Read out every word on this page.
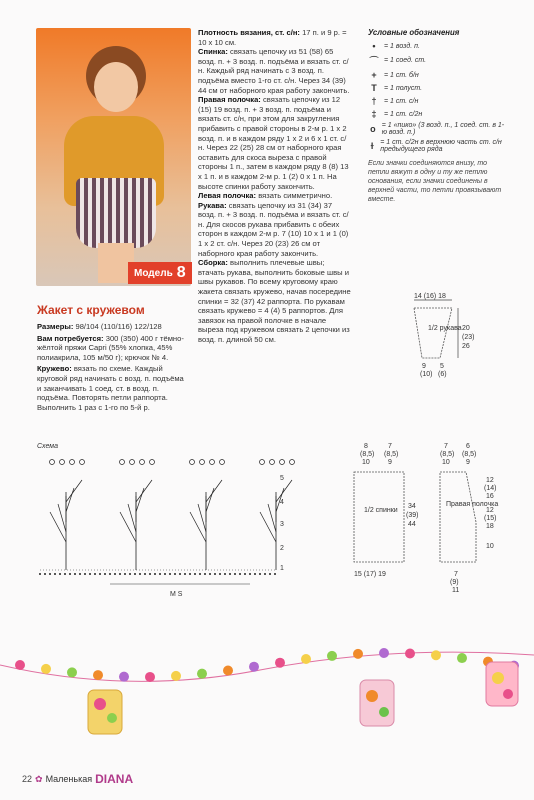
Модель 8
Жакет с кружевом

Размеры: 98/104 (110/116) 122/128

Вам потребуется: 300 (350) 400 г тёмно-жёлтой пряжи Capri (55% хлопка, 45% полиакрила, 105 м/50 г); крючок № 4.

Кружево: вязать по схеме. Каждый круговой ряд начинать с возд. п. подъёма и заканчивать 1 соед. ст. в возд. п. подъёма. Повторять петли раппорта. Выполнить 1 раз с 1-го по 5-й р.

Плотность вязания, ст. с/н: 17 п. и 9 р. = 10 х 10 см.

Спинка: связать цепочку из 51 (58) 65 возд. п. + 3 возд. п. подъёма и вязать ст. с/н. Каждый ряд начинать с 3 возд. п. подъёма вместо 1-го ст. с/н. Через 34 (39) 44 см от наборного края работу закончить.

Правая полочка: связать цепочку из 12 (15) 19 возд. п. + 3 возд. п. подъёма и вязать ст. с/н, при этом для закругления прибавить с правой стороны в 2-м р. 1 х 2 возд. п. и в каждом ряду 1 х 2 и 6 х 1 ст. с/н. Через 22 (25) 28 см от наборного края оставить для скоса выреза с правой стороны 1 п., затем в каждом ряду 8 (8) 13 х 1 п. и в каждом 2-м р. 1 (2) 0 х 1 п. На высоте спинки работу закончить.

Левая полочка: вязать симметрично.

Рукава: связать цепочку из 31 (34) 37 возд. п. + 3 возд. п. подъёма и вязать ст. с/н. Для скосов рукава прибавить с обеих сторон в каждом 2-м р. 7 (10) 10 х 1 и 1 (0) 1 х 2 ст. с/н. Через 20 (23) 26 см от наборного края работу закончить.

Сборка: выполнить плечевые швы; втачать рукава, выполнить боковые швы и швы рукавов. По всему круговому краю жакета связать кружево, начав посередине спинки = 32 (37) 42 раппорта. По рукавам связать кружево = 4 (4) 5 раппортов. Для завязок на правой полочке в начале выреза под кружевом связать 2 цепочки из возд. п. длиной 50 см.

Условные обозначения
•	= 1 возд. п.
⌒ = 1 соед. ст.
+	= 1 ст. б/н
T	= 1 полуст.
†	= 1 ст. с/н
‡	= 1 ст. с/2н
ο = 1 «пико» (3 возд. п., 1 соед. ст. в 1-ю возд. п.)
ɫ = 1 ст. с/2н в верхнюю часть ст. с/н предыдущего ряда
Если значки соединяются внизу, то петли вяжут в одну и ту же петлю основания, если значки соединены в верхней части, то петли провязывают вместе.
14 (16) 18
1/2 рукава 20
(23)
26
9
(10)
5
(6)
Схема
M S
5
4
3
2
1
8
(8,5)
10
7
(8,5)
9
1/2 спинки
34
(39)
44
15 (17) 19
7
(8,5)
10
6
(8,5)
9
Правая полочка
12
(14)
16
12
(15)
18
10
7
(9)
11
22 ✿ Маленькая DIANA
